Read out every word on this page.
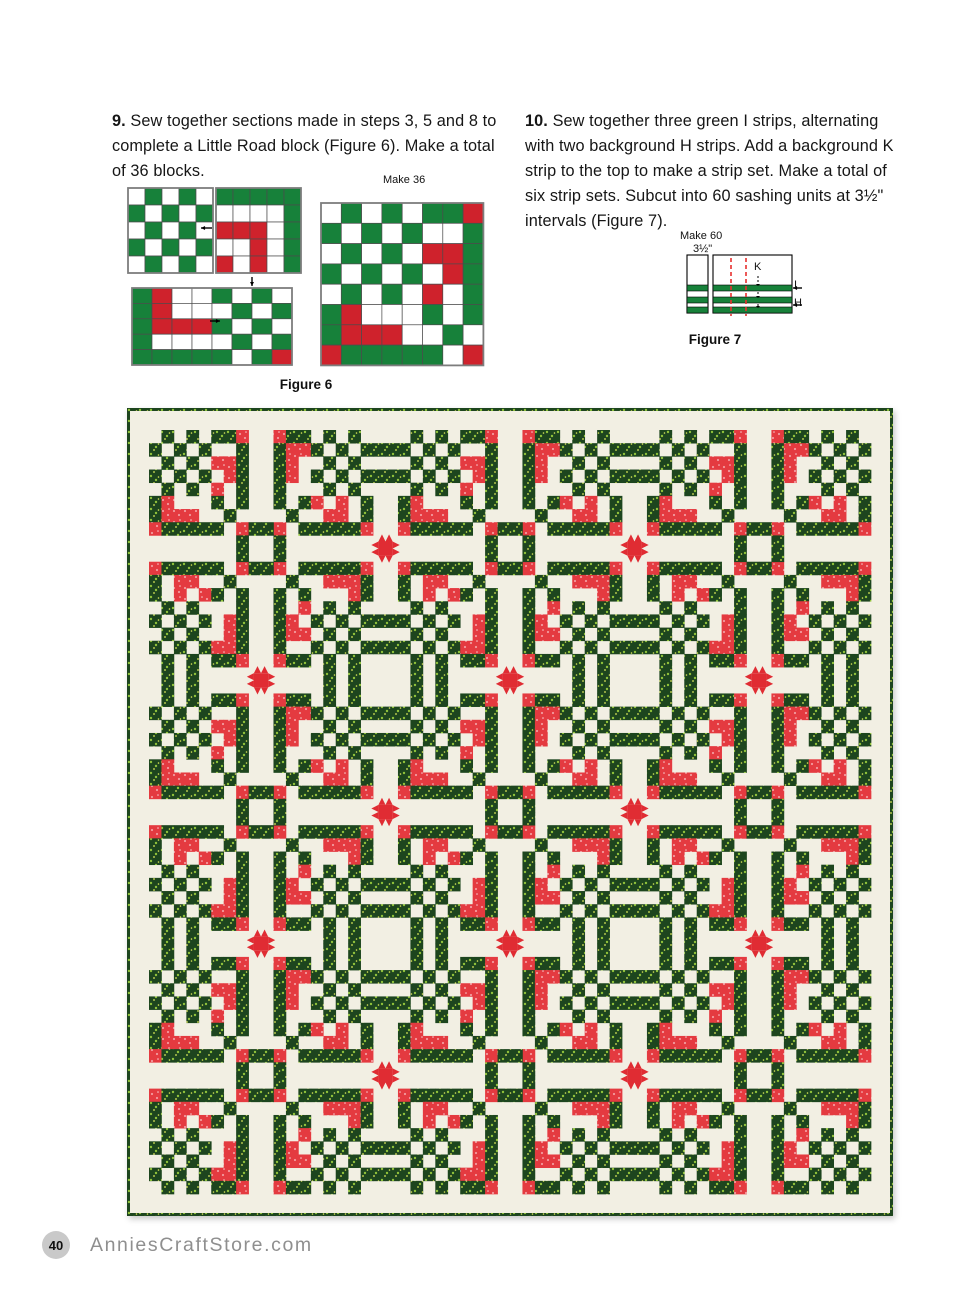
9. Sew together sections made in steps 3, 5 and 8 to complete a Little Road block (Figure 6). Make a total of 36 blocks.

10. Sew together three green I strips, alternating with two background H strips. Add a background K strip to the top to make a strip set. Make a total of six strip sets. Subcut into 60 sashing units at 3½" intervals (Figure 7).

Make 36
Figure 6
Make 60
3½"
K
I
H
Figure 7
40 AnniesCraftStore.com
